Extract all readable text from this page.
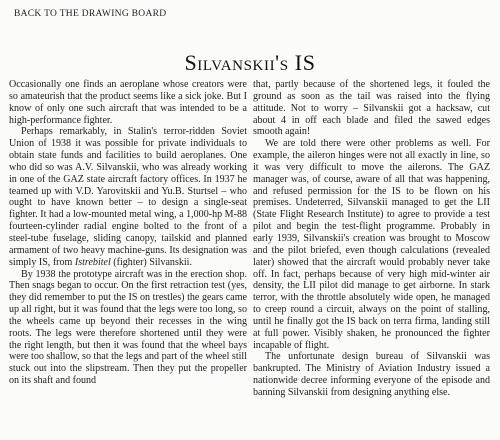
BACK TO THE DRAWING BOARD
Silvanskii's IS

Occasionally one finds an aeroplane whose creators were so amateurish that the product seems like a sick joke. But I know of only one such aircraft that was intended to be a high-performance fighter.

Perhaps remarkably, in Stalin's terror-ridden Soviet Union of 1938 it was possible for private individuals to obtain state funds and facilities to build aeroplanes. One who did so was A.V. Silvanskii, who was already working in one of the GAZ state aircraft factory offices. In 1937 he teamed up with V.D. Yarovitskii and Yu.B. Sturtsel – who ought to have known better – to design a single-seat fighter. It had a low-mounted metal wing, a 1,000-hp M-88 fourteen-cylinder radial engine bolted to the front of a steel-tube fuselage, sliding canopy, tailskid and planned armament of two heavy machine-guns. Its designation was simply IS, from Istrebitel (fighter) Silvanskii.

By 1938 the prototype aircraft was in the erection shop. Then snags began to occur. On the first retraction test (yes, they did remember to put the IS on trestles) the gears came up all right, but it was found that the legs were too long, so the wheels came up beyond their recesses in the wing roots. The legs were therefore shortened until they were the right length, but then it was found that the wheel bays were too shallow, so that the legs and part of the wheel still stuck out into the slipstream. Then they put the propeller on its shaft and found

that, partly because of the shortened legs, it fouled the ground as soon as the tail was raised into the flying attitude. Not to worry – Silvanskii got a hacksaw, cut about 4 in off each blade and filed the sawed edges smooth again!

We are told there were other problems as well. For example, the aileron hinges were not all exactly in line, so it was very difficult to move the ailerons. The GAZ manager was, of course, aware of all that was happening, and refused permission for the IS to be flown on his premises. Undeterred, Silvanskii managed to get the LII (State Flight Research Institute) to agree to provide a test pilot and begin the test-flight programme. Probably in early 1939, Silvanskii's creation was brought to Moscow and the pilot briefed, even though calculations (revealed later) showed that the aircraft would probably never take off. In fact, perhaps because of very high mid-winter air density, the LII pilot did manage to get airborne. In stark terror, with the throttle absolutely wide open, he managed to creep round a circuit, always on the point of stalling, until he finally got the IS back on terra firma, landing still at full power. Visibly shaken, he pronounced the fighter incapable of flight.

The unfortunate design bureau of Silvanskii was bankrupted. The Ministry of Aviation Industry issued a nationwide decree informing everyone of the episode and banning Silvanskii from designing anything else.
